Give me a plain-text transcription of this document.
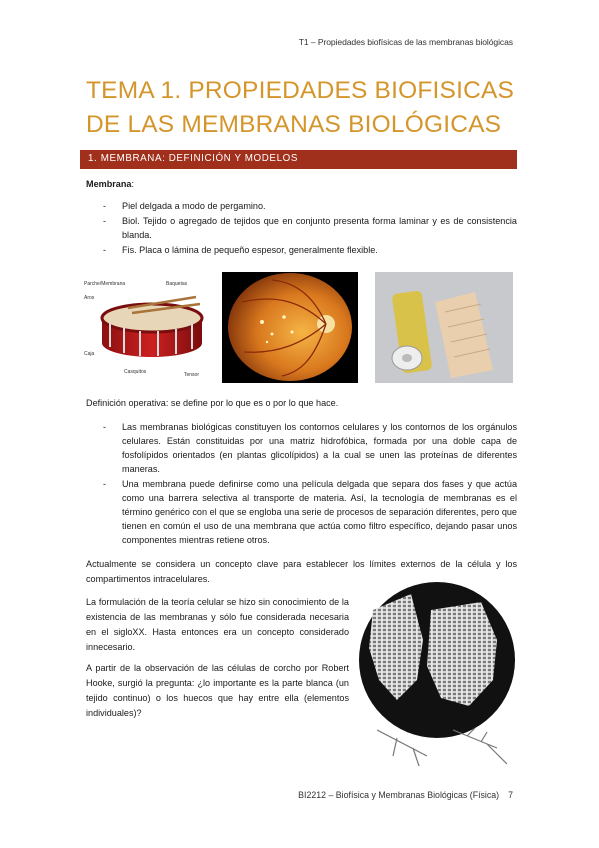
T1 – Propiedades biofísicas de las membranas biológicas
TEMA 1. PROPIEDADES BIOFISICAS
DE LAS MEMBRANAS BIOLÓGICAS
1. MEMBRANA: DEFINICIÓN Y MODELOS

Membrana:

- Piel delgada a modo de pergamino.
- Biol. Tejido o agregado de tejidos que en conjunto presenta forma laminar y es de consistencia blanda.
- Fis. Placa o lámina de pequeño espesor, generalmente flexible.
Parche/Membrana	Baquetas
Aros
Caja
Casquitos	Tensor

Definición operativa: se define por lo que es o por lo que hace.

- Las membranas biológicas constituyen los contornos celulares y los contornos de los orgánulos celulares. Están constituidas por una matriz hidrofóbica, formada por una doble capa de fosfolípidos orientados (en plantas glicolípidos) a la cual se unen las proteínas de diferentes maneras.
- Una membrana puede definirse como una película delgada que separa dos fases y que actúa como una barrera selectiva al transporte de materia. Así, la tecnología de membranas es el término genérico con el que se engloba una serie de procesos de separación diferentes, pero que tienen en común el uso de una membrana que actúa como filtro específico, dejando pasar unos componentes mientras retiene otros.

Actualmente se considera un concepto clave para establecer los límites externos de la célula y los compartimentos intracelulares.

La formulación de la teoría celular se hizo sin conocimiento de la existencia de las membranas y sólo fue considerada necesaria en el sigloXX. Hasta entonces era un concepto considerado innecesario.

A partir de la observación de las células de corcho por Robert Hooke, surgió la pregunta: ¿lo importante es la parte blanca (un tejido continuo) o los huecos que hay entre ella (elementos individuales)?

BI2212 – Biofísica y Membranas Biológicas (Física) 7
